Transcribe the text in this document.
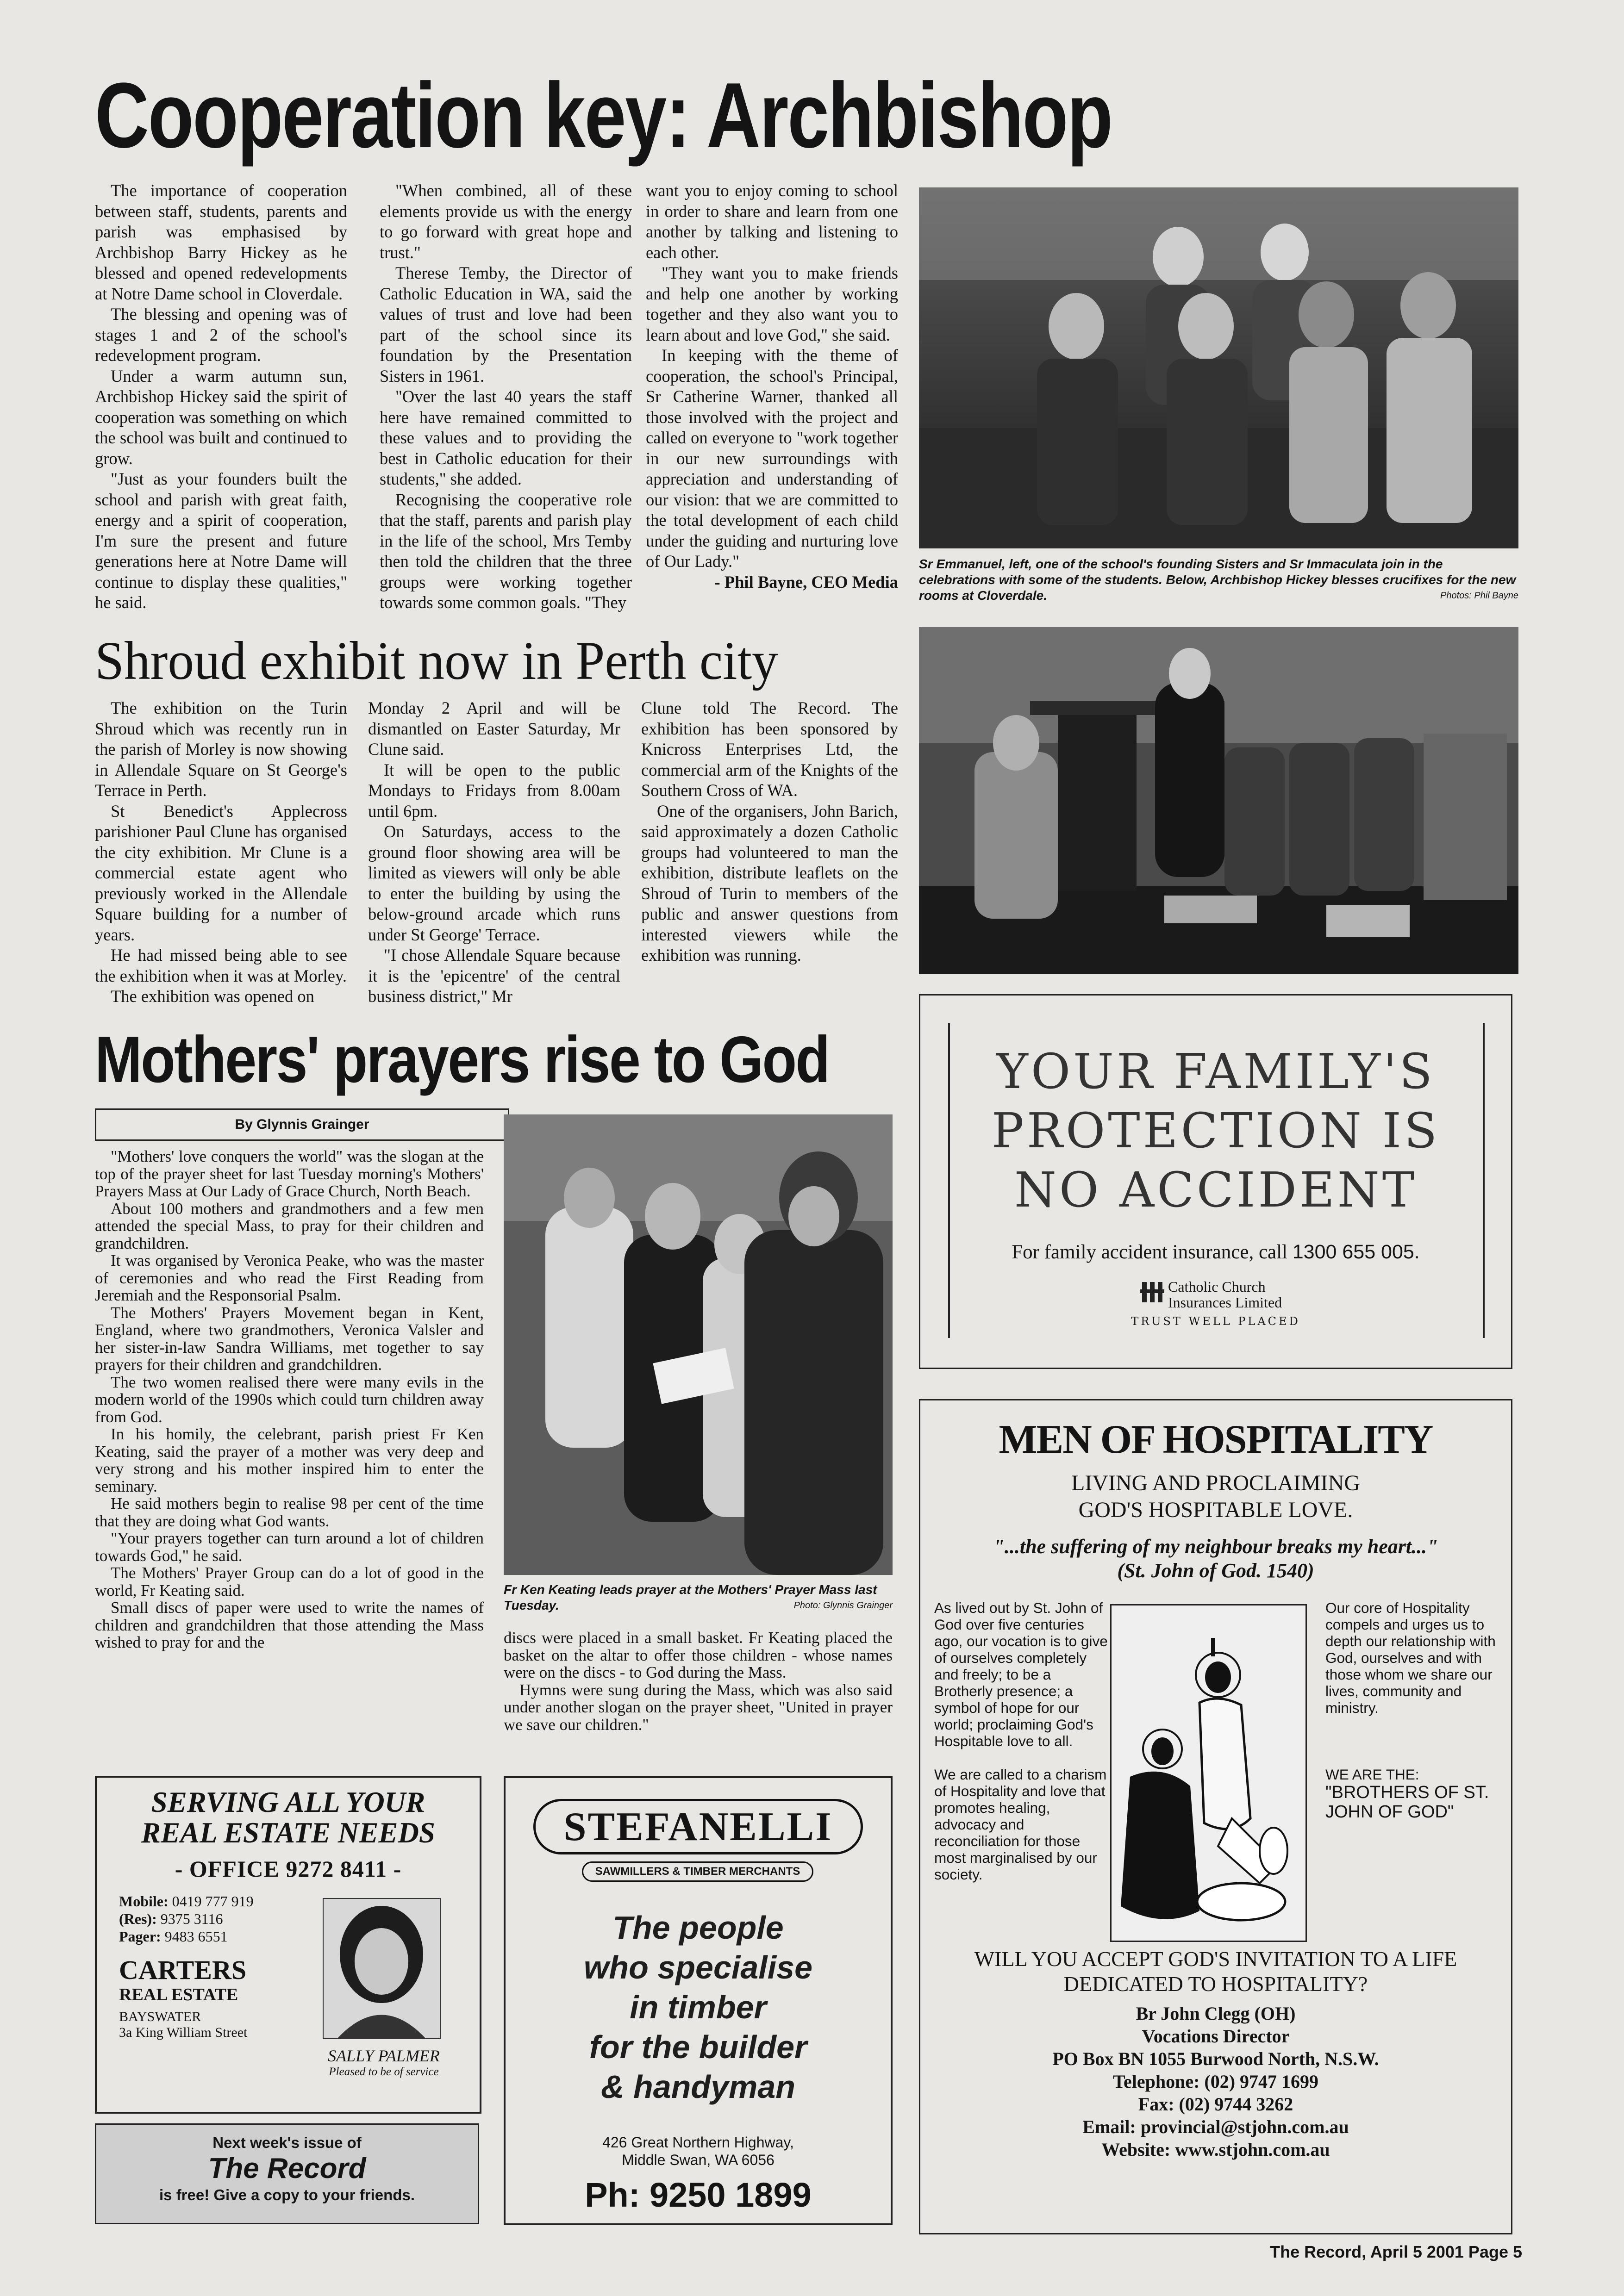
Cooperation key: Archbishop

The importance of cooperation between staff, students, parents and parish was emphasised by Archbishop Barry Hickey as he blessed and opened redevelopments at Notre Dame school in Cloverdale.

The blessing and opening was of stages 1 and 2 of the school's redevelopment program.

Under a warm autumn sun, Archbishop Hickey said the spirit of cooperation was something on which the school was built and continued to grow.

"Just as your founders built the school and parish with great faith, energy and a spirit of cooperation, I'm sure the present and future generations here at Notre Dame will continue to display these qualities," he said.

"When combined, all of these elements provide us with the energy to go forward with great hope and trust."

Therese Temby, the Director of Catholic Education in WA, said the values of trust and love had been part of the school since its foundation by the Presentation Sisters in 1961.

"Over the last 40 years the staff here have remained committed to these values and to providing the best in Catholic education for their students," she added.

Recognising the cooperative role that the staff, parents and parish play in the life of the school, Mrs Temby then told the children that the three groups were working together towards some common goals. "They

want you to enjoy coming to school in order to share and learn from one another by talking and listening to each other.

"They want you to make friends and help one another by working together and they also want you to learn about and love God," she said.

In keeping with the theme of cooperation, the school's Principal, Sr Catherine Warner, thanked all those involved with the project and called on everyone to "work together in our new surroundings with appreciation and understanding of our vision: that we are committed to the total development of each child under the guiding and nurturing love of Our Lady."

- Phil Bayne, CEO Media

Sr Emmanuel, left, one of the school's founding Sisters and Sr Immaculata join in the celebrations with some of the students. Below, Archbishop Hickey blesses crucifixes for the new rooms at Cloverdale.	Photos: Phil Bayne
Shroud exhibit now in Perth city

The exhibition on the Turin Shroud which was recently run in the parish of Morley is now showing in Allendale Square on St George's Terrace in Perth.

St Benedict's Applecross parishioner Paul Clune has organised the city exhibition. Mr Clune is a commercial estate agent who previously worked in the Allendale Square building for a number of years.

He had missed being able to see the exhibition when it was at Morley.

The exhibition was opened on

Monday 2 April and will be dismantled on Easter Saturday, Mr Clune said.

It will be open to the public Mondays to Fridays from 8.00am until 6pm.

On Saturdays, access to the ground floor showing area will be limited as viewers will only be able to enter the building by using the below-ground arcade which runs under St George' Terrace.

"I chose Allendale Square because it is the 'epicentre' of the central business district," Mr

Clune told The Record. The exhibition has been sponsored by Knicross Enterprises Ltd, the commercial arm of the Knights of the Southern Cross of WA.

One of the organisers, John Barich, said approximately a dozen Catholic groups had volunteered to man the exhibition, distribute leaflets on the Shroud of Turin to members of the public and answer questions from interested viewers while the exhibition was running.

Mothers' prayers rise to God
By Glynnis Grainger

"Mothers' love conquers the world" was the slogan at the top of the prayer sheet for last Tuesday morning's Mothers' Prayers Mass at Our Lady of Grace Church, North Beach.

About 100 mothers and grandmothers and a few men attended the special Mass, to pray for their children and grandchildren.

It was organised by Veronica Peake, who was the master of ceremonies and who read the First Reading from Jeremiah and the Responsorial Psalm.

The Mothers' Prayers Movement began in Kent, England, where two grandmothers, Veronica Valsler and her sister-in-law Sandra Williams, met together to say prayers for their children and grandchildren.

The two women realised there were many evils in the modern world of the 1990s which could turn children away from God.

In his homily, the celebrant, parish priest Fr Ken Keating, said the prayer of a mother was very deep and very strong and his mother inspired him to enter the seminary.

He said mothers begin to realise 98 per cent of the time that they are doing what God wants.

"Your prayers together can turn around a lot of children towards God," he said.

The Mothers' Prayer Group can do a lot of good in the world, Fr Keating said.

Small discs of paper were used to write the names of children and grandchildren that those attending the Mass wished to pray for and the

Fr Ken Keating leads prayer at the Mothers' Prayer Mass last Tuesday.	Photo: Glynnis Grainger

discs were placed in a small basket. Fr Keating placed the basket on the altar to offer those children - whose names were on the discs - to God during the Mass.

Hymns were sung during the Mass, which was also said under another slogan on the prayer sheet, "United in prayer we save our children."

YOUR FAMILY'S
PROTECTION IS
NO ACCIDENT
For family accident insurance, call 1300 655 005.
Catholic Church
Insurances Limited
TRUST WELL PLACED
MEN OF HOSPITALITY
LIVING AND PROCLAIMING
GOD'S HOSPITABLE LOVE.
"...the suffering of my neighbour breaks my heart..."
(St. John of God. 1540)
As lived out by St. John of God over five centuries ago, our vocation is to give of ourselves completely and freely; to be a Brotherly presence; a symbol of hope for our world; proclaiming God's Hospitable love to all.
We are called to a charism of Hospitality and love that promotes healing, advocacy and reconciliation for those most marginalised by our society.
Our core of Hospitality compels and urges us to depth our relationship with God, ourselves and with those whom we share our lives, community and ministry.
WE ARE THE:
"BROTHERS OF ST. JOHN OF GOD"
WILL YOU ACCEPT GOD'S INVITATION TO A LIFE DEDICATED TO HOSPITALITY?
Br John Clegg (OH)
Vocations Director
PO Box BN 1055 Burwood North, N.S.W.
Telephone: (02) 9747 1699
Fax: (02) 9744 3262
Email: provincial@stjohn.com.au
Website: www.stjohn.com.au
SERVING ALL YOUR
REAL ESTATE NEEDS
- OFFICE 9272 8411 -
Mobile: 0419 777 919
(Res): 9375 3116
Pager: 9483 6551
CARTERS
REAL ESTATE
BAYSWATER
3a King William Street
SALLY PALMER
Pleased to be of service
STEFANELLI
SAWMILLERS & TIMBER MERCHANTS
The people
who specialise
in timber
for the builder
& handyman
426 Great Northern Highway,
Middle Swan, WA 6056
Ph: 9250 1899
Next week's issue of
The Record
is free! Give a copy to your friends.
The Record, April 5 2001 Page 5
